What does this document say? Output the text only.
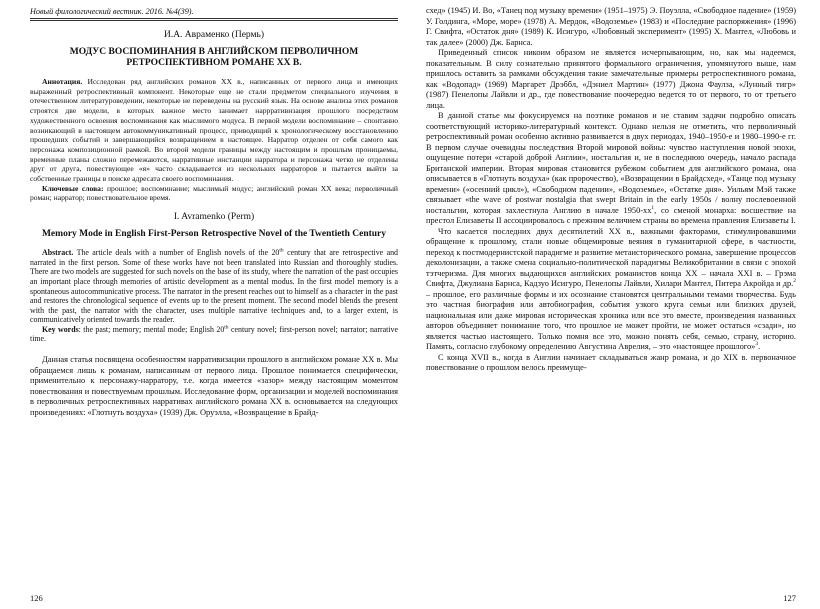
Новый филологический вестник. 2016. №4(39).
И.А. Авраменко (Пермь)
МОДУС ВОСПОМИНАНИЯ В АНГЛИЙСКОМ ПЕРВОЛИЧНОМ РЕТРОСПЕКТИВНОМ РОМАНЕ XX В.

Аннотация. Исследован ряд английских романов XX в., написанных от первого лица и имеющих выраженный ретроспективный компонент. Некоторые еще не стали предметом специального изучения в отечественном литературоведении, некоторые не переведены на русский язык. На основе анализа этих романов строятся две модели, в которых важное место занимает наррративизация прошлого посредством художественного освоения воспоминания как мыслимого модуса. В первой модели воспоминание – спонтанно возникающий в настоящем автокоммуникативный процесс, приводящий к хронологическому восстановлению прошедших событий и завершающийся возвращением в настоящее. Нарратор отделен от себя самого как персонажа композиционной рамкой. Во второй модели границы между настоящим и прошлым проницаемы, временные планы сложно перемежаются, нарративные инстанции нарратора и персонажа четко не отделены друг от друга, повествующее «я» часто складывается из нескольких нарраторов и пытается выйти за собственные границы в поиске адресата своего воспоминания.

Ключевые слова: прошлое; воспоминание; мыслимый модус; английский роман XX века; перволичный роман; нарратор; повествовательное время.

I. Avramenko (Perm)
Memory Mode in English First-Person Retrospective Novel of the Twentieth Century

Abstract. The article deals with a number of English novels of the 20th century that are retrospective and narrated in the first person. Some of these works have not been translated into Russian and thoroughly studies. There are two models are suggested for such novels on the base of its study, where the narration of the past occupies an important place through memories of artistic development as a mental modus. In the first model memory is a spontaneous autocommunicative process. The narrator in the present reaches out to himself as a character in the past and restores the chronological sequence of events up to the present moment. The second model blends the present with the past, the narrator with the character, uses multiple narrative techniques and, to a larger extent, is communicatively oriented towards the reader.

Key words: the past; memory; mental mode; English 20th century novel; first-person novel; narrator; narrative time.

Данная статья посвящена особенностям нарративизации прошлого в английском романе XX в. Мы обращаемся лишь к романам, написанным от первого лица. Прошлое понимается специфически, применительно к персонажу-нарратору, т.е. когда имеется «зазор» между настоящим моментом повествования и повествуемым прошлым. Исследование форм, организации и моделей воспоминания в перволичных ретроспективных нарративах английского романа XX в. основывается на следующих произведениях: «Глотнуть воздуха» (1939) Дж. Оруэлла, «Возвращение в Брайд-

126

схед» (1945) И. Во, «Танец под музыку времени» (1951–1975) Э. Поуэлла, «Свободное падение» (1959) У. Голдинга, «Море, море» (1978) А. Мердок, «Водоземье» (1983) и «Последние распоряжения» (1996) Г. Свифта, «Остаток дня» (1989) К. Исигуро, «Любовный эксперимент» (1995) Х. Мантел, «Любовь и так далее» (2000) Дж. Барнса.

Приведенный список никоим образом не является исчерпывающим, но, как мы надеемся, показательным. В силу сознательно принятого формального ограничения, упомянутого выше, нам пришлось оставить за рамками обсуждения такие замечательные примеры ретроспективного романа, как «Водопад» (1969) Маргарет Дрэббл, «Дэниел Мартин» (1977) Джона Фаулза, «Лунный тигр» (1987) Пенелопы Лайвли и др., где повествование поочередно ведется то от первого, то от третьего лица.

В данной статье мы фокусируемся на поэтике романов и не ставим задачи подробно описать соответствующий историко-литературный контекст. Однако нельзя не отметить, что перволичный ретроспективный роман особенно активно развивается в двух периодах, 1940–1950-е и 1980–1990-е гг. В первом случае очевидны последствия Второй мировой войны: чувство наступления новой эпохи, ощущение потери «старой доброй Англии», ностальгия и, не в последнюю очередь, начало распада Британской империи. Вторая мировая становится рубежом событием для английского романа, она описывается в «Глотнуть воздуха» (как пророчество), «Возвращении в Брайдсхед», «Танце под музыку времени» («осенний цикл»), «Свободном падении», «Водоземье», «Остатке дня». Уильям Мэй также связывает «the wave of postwar nostalgia that swept Britain in the early 1950s / волну послевоенной ностальгии, которая захлестнула Англию в начале $1950-хх^1$, со сменой монарха: восшествие на престол Елизаветы II ассоциировалось с прежним величием страны во времена правления Елизаветы I.

Что касается последних двух десятилетий XX в., важными факторами, стимулировавшими обращение к прошлому, стали новые общемировые веяния в гуманитарной сфере, в частности, переход к постмодернистской парадигме и развитие метаисторического романа, завершение процессов деколонизации, а также смена социально-политической парадигмы Великобритании в связи с эпохой тэтчеризма. Для многих выдающихся английских романистов конца XX – начала XXI в. – Грэма Свифта, Джулиана Барнса, Кадзуо Исигуро, Пенелопы Лайвли, Хилари Мантел, Питера Акройда и др.$^2$ – прошлое, его различные формы и их осознание становятся центральными темами творчества. Будь это частная биография или автобиография, события узкого круга семьи или близких друзей, национальная или даже мировая историческая хроника или все это вместе, произведения названных авторов объединяет понимание того, что прошлое не может пройти, не может остаться «сзади», но является частью настоящего. Только помня все это, можно понять себя, семью, страну, историю. Память, согласно глубокому определению Августина Аврелия, – это «настоящее прошлого»$^3$.

С конца XVII в., когда в Англии начинает складываться жанр романа, и до XIX в. первоначное повествование о прошлом велось преимуще-

127
